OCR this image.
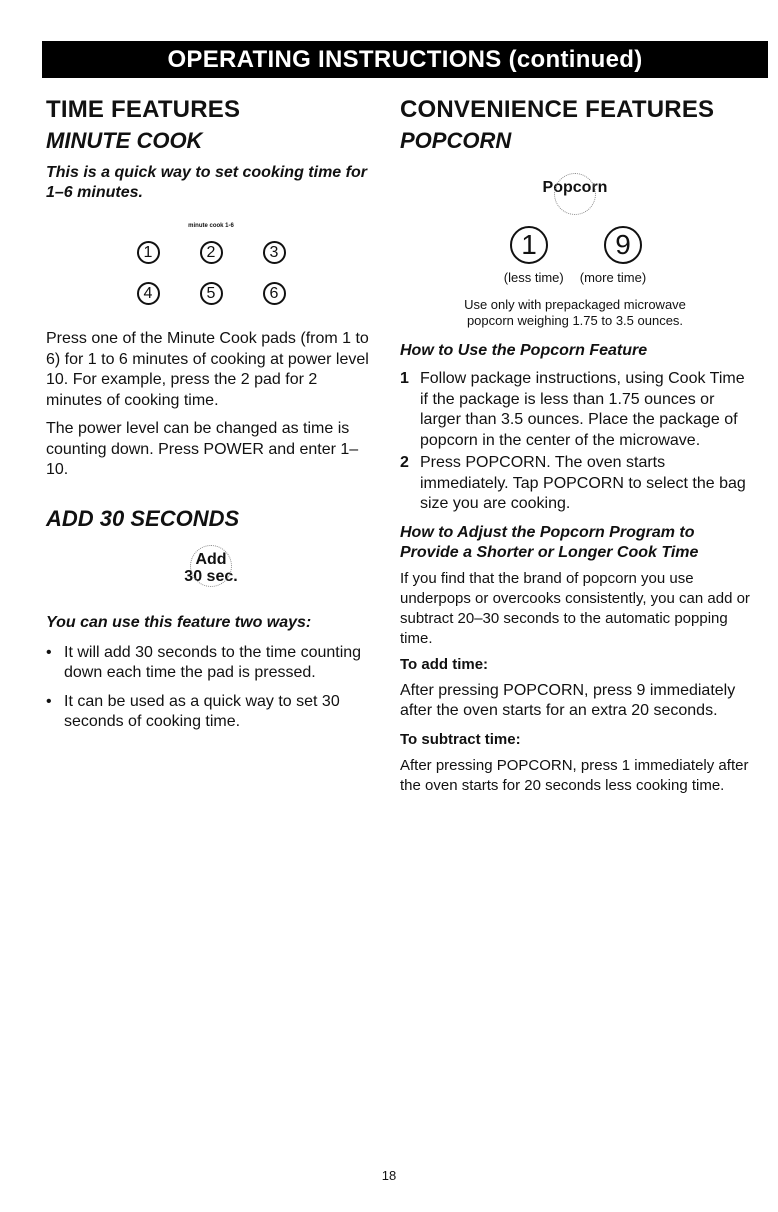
OPERATING INSTRUCTIONS (continued)
TIME FEATURES
MINUTE COOK
This is a quick way to set cooking time for 1–6 minutes.
minute cook 1-6
1	2	3
4	5	6

Press one of the Minute Cook pads (from 1 to 6) for 1 to 6 minutes of cooking at power level 10. For example, press the 2 pad for 2 minutes of cooking time.

The power level can be changed as time is counting down. Press POWER and enter 1–10.

ADD 30 SECONDS
Add
30 sec.
You can use this feature two ways:
• It will add 30 seconds to the time counting down each time the pad is pressed.
• It can be used as a quick way to set 30 seconds of cooking time.
CONVENIENCE FEATURES
POPCORN
Popcorn
1	9
(less time) (more time)
Use only with prepackaged microwave popcorn weighing 1.75 to 3.5 ounces.
How to Use the Popcorn Feature
1 Follow package instructions, using Cook Time if the package is less than 1.75 ounces or larger than 3.5 ounces. Place the package of popcorn in the center of the microwave.
2 Press POPCORN. The oven starts immediately. Tap POPCORN to select the bag size you are cooking.
How to Adjust the Popcorn Program to Provide a Shorter or Longer Cook Time

If you find that the brand of popcorn you use underpops or overcooks consistently, you can add or subtract 20–30 seconds to the automatic popping time.

To add time:

After pressing POPCORN, press 9 immediately after the oven starts for an extra 20 seconds.

To subtract time:

After pressing POPCORN, press 1 immediately after the oven starts for 20 seconds less cooking time.

18
